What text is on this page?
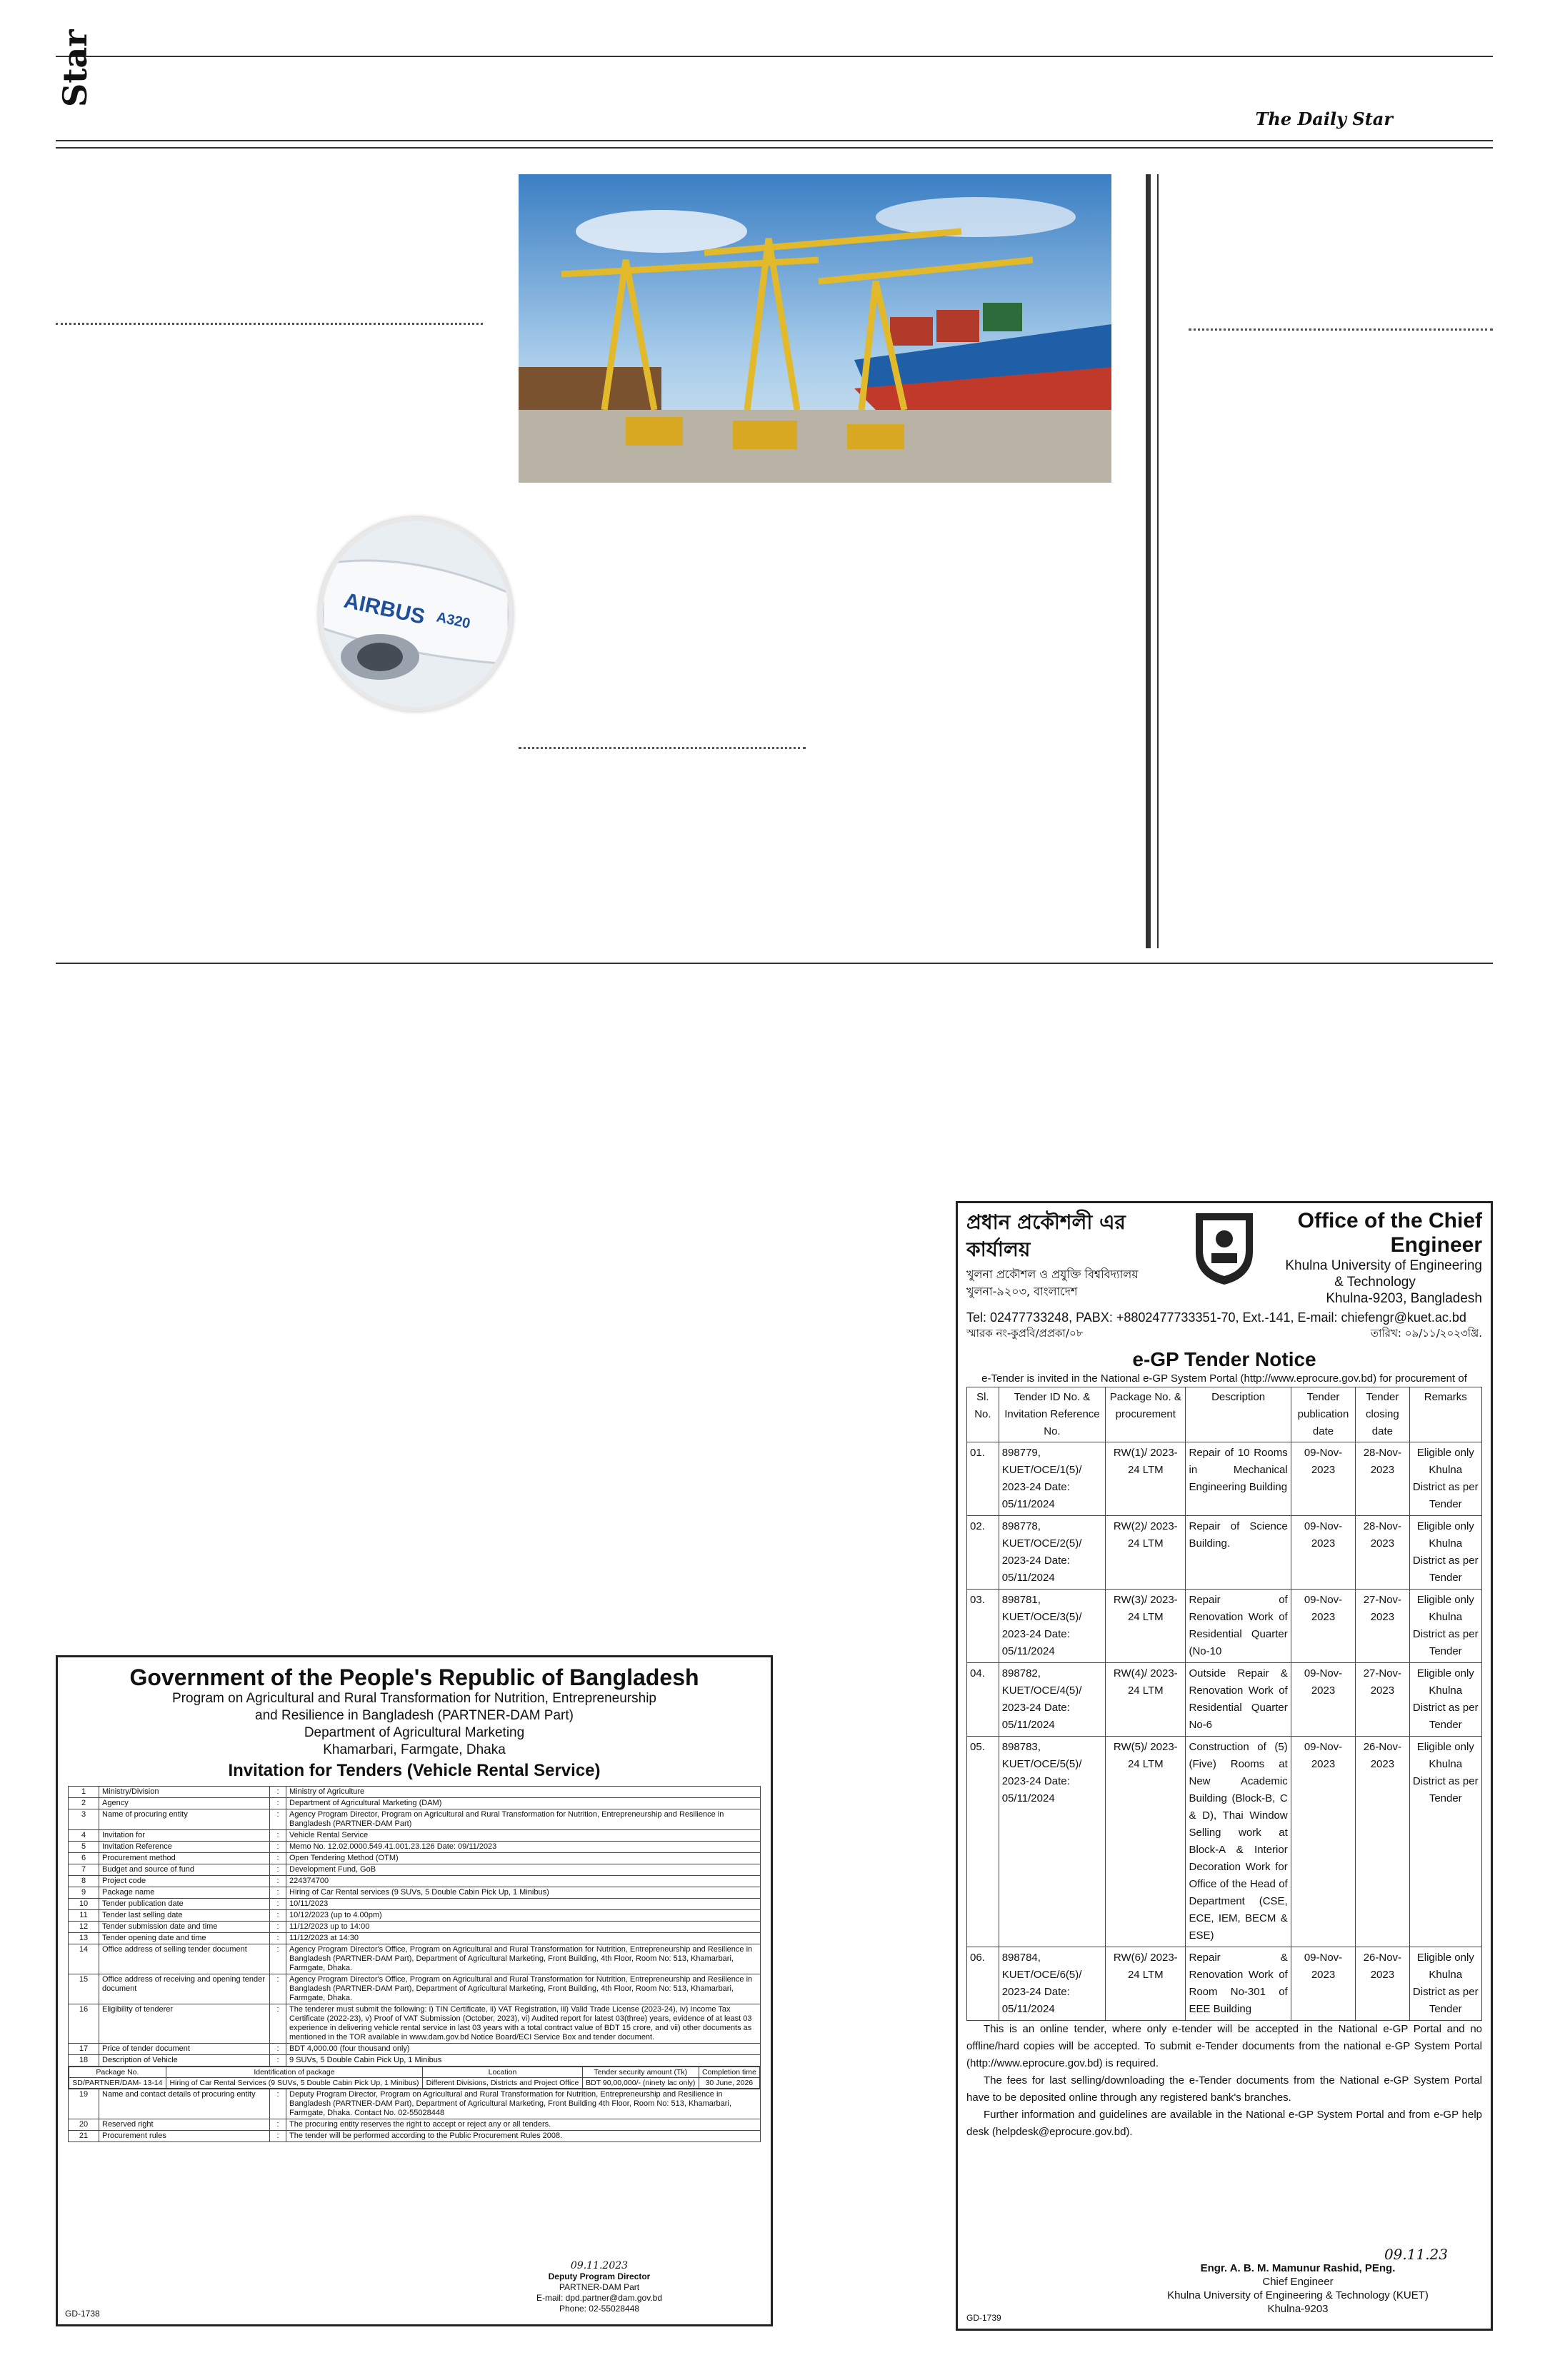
Star
The Daily Star
AIRBUS A320
Government of the People's Republic of Bangladesh
Program on Agricultural and Rural Transformation for Nutrition, Entrepreneurship
and Resilience in Bangladesh (PARTNER-DAM Part)
Department of Agricultural Marketing
Khamarbari, Farmgate, Dhaka
Invitation for Tenders (Vehicle Rental Service)
1	Ministry/Division	:	Ministry of Agriculture
2	Agency	:	Department of Agricultural Marketing (DAM)
3	Name of procuring entity	:	Agency Program Director, Program on Agricultural and Rural Transformation for Nutrition, Entrepreneurship and Resilience in Bangladesh (PARTNER-DAM Part)
4	Invitation for	:	Vehicle Rental Service
5	Invitation Reference	:	Memo No. 12.02.0000.549.41.001.23.126 Date: 09/11/2023
6	Procurement method	:	Open Tendering Method (OTM)
7	Budget and source of fund	:	Development Fund, GoB
8	Project code	:	224374700
9	Package name	:	Hiring of Car Rental services (9 SUVs, 5 Double Cabin Pick Up, 1 Minibus)
10	Tender publication date	:	10/11/2023
11	Tender last selling date	:	10/12/2023 (up to 4.00pm)
12	Tender submission date and time	:	11/12/2023 up to 14:00
13	Tender opening date and time	:	11/12/2023 at 14:30
14	Office address of selling tender document	:	Agency Program Director's Office, Program on Agricultural and Rural Transformation for Nutrition, Entrepreneurship and Resilience in Bangladesh (PARTNER-DAM Part), Department of Agricultural Marketing, Front Building, 4th Floor, Room No: 513, Khamarbari, Farmgate, Dhaka.
15	Office address of receiving and opening tender document	:	Agency Program Director's Office, Program on Agricultural and Rural Transformation for Nutrition, Entrepreneurship and Resilience in Bangladesh (PARTNER-DAM Part), Department of Agricultural Marketing, Front Building, 4th Floor, Room No: 513, Khamarbari, Farmgate, Dhaka.
16	Eligibility of tenderer	:	The tenderer must submit the following: i) TIN Certificate, ii) VAT Registration, iii) Valid Trade License (2023-24), iv) Income Tax Certificate (2022-23), v) Proof of VAT Submission (October, 2023), vi) Audited report for latest 03(three) years, evidence of at least 03 experience in delivering vehicle rental service in last 03 years with a total contract value of BDT 15 crore, and vii) other documents as mentioned in the TOR available in www.dam.gov.bd Notice Board/ECI Service Box and tender document.
17	Price of tender document	:	BDT 4,000.00 (four thousand only)
18	Description of Vehicle	:	9 SUVs, 5 Double Cabin Pick Up, 1 Minibus

Package No.	Identification of package	Location	Tender security amount (Tk)	Completion time
SD/PARTNER/DAM- 13-14	Hiring of Car Rental Services (9 SUVs, 5 Double Cabin Pick Up, 1 Minibus)	Different Divisions, Districts and Project Office	BDT 90,00,000/- (ninety lac only)	30 June, 2026

19	Name and contact details of procuring entity	:	Deputy Program Director, Program on Agricultural and Rural Transformation for Nutrition, Entrepreneurship and Resilience in Bangladesh (PARTNER-DAM Part), Department of Agricultural Marketing, Front Building 4th Floor, Room No: 513, Khamarbari, Farmgate, Dhaka. Contact No. 02-55028448
20	Reserved right	:	The procuring entity reserves the right to accept or reject any or all tenders.
21	Procurement rules	:	The tender will be performed according to the Public Procurement Rules 2008.
09.11.2023
Deputy Program Director
PARTNER-DAM Part
E-mail: dpd.partner@dam.gov.bd
Phone: 02-55028448
GD-1738
প্রধান প্রকৌশলী এর কার্যালয়
খুলনা প্রকৌশল ও প্রযুক্তি বিশ্ববিদ্যালয়
খুলনা-৯২০৩, বাংলাদেশ
Office of the Chief
Engineer
Khulna University of Engineering
& Technology
Khulna-9203, Bangladesh
Tel: 02477733248, PABX: +8802477733351-70, Ext.-141, E-mail: chiefengr@kuet.ac.bd
স্মারক নং-কুপ্রবি/প্রপ্রকা/০৮	তারিখ: ০৯/১১/২০২৩খ্রি.
e-GP Tender Notice
e-Tender is invited in the National e-GP System Portal (http://www.eprocure.gov.bd) for procurement of
Sl. No.	Tender ID No. & Invitation Reference No.	Package No. & procurement	Description	Tender publication date	Tender closing date	Remarks
01.	898779, KUET/OCE/1(5)/ 2023-24 Date: 05/11/2024	RW(1)/ 2023-24 LTM	Repair of 10 Rooms in Mechanical Engineering Building	09-Nov-2023	28-Nov-2023	Eligible only Khulna District as per Tender
02.	898778, KUET/OCE/2(5)/ 2023-24 Date: 05/11/2024	RW(2)/ 2023-24 LTM	Repair of Science Building.	09-Nov-2023	28-Nov-2023	Eligible only Khulna District as per Tender
03.	898781, KUET/OCE/3(5)/ 2023-24 Date: 05/11/2024	RW(3)/ 2023-24 LTM	Repair of Renovation Work of Residential Quarter (No-10	09-Nov-2023	27-Nov-2023	Eligible only Khulna District as per Tender
04.	898782, KUET/OCE/4(5)/ 2023-24 Date: 05/11/2024	RW(4)/ 2023-24 LTM	Outside Repair & Renovation Work of Residential Quarter No-6	09-Nov-2023	27-Nov-2023	Eligible only Khulna District as per Tender
05.	898783, KUET/OCE/5(5)/ 2023-24 Date: 05/11/2024	RW(5)/ 2023-24 LTM	Construction of (5) (Five) Rooms at New Academic Building (Block-B, C & D), Thai Window Selling work at Block-A & Interior Decoration Work for Office of the Head of Department (CSE, ECE, IEM, BECM & ESE)	09-Nov-2023	26-Nov-2023	Eligible only Khulna District as per Tender
06.	898784, KUET/OCE/6(5)/ 2023-24 Date: 05/11/2024	RW(6)/ 2023-24 LTM	Repair & Renovation Work of Room No-301 of EEE Building	09-Nov-2023	26-Nov-2023	Eligible only Khulna District as per Tender
This is an online tender, where only e-tender will be accepted in the National e-GP Portal and no offline/hard copies will be accepted. To submit e-Tender documents from the national e-GP System Portal (http://www.eprocure.gov.bd) is required.
The fees for last selling/downloading the e-Tender documents from the National e-GP System Portal have to be deposited online through any registered bank's branches.
Further information and guidelines are available in the National e-GP System Portal and from e-GP help desk (helpdesk@eprocure.gov.bd).
09.11.23
Engr. A. B. M. Mamunur Rashid, PEng.
Chief Engineer
Khulna University of Engineering & Technology (KUET)
Khulna-9203
GD-1739
